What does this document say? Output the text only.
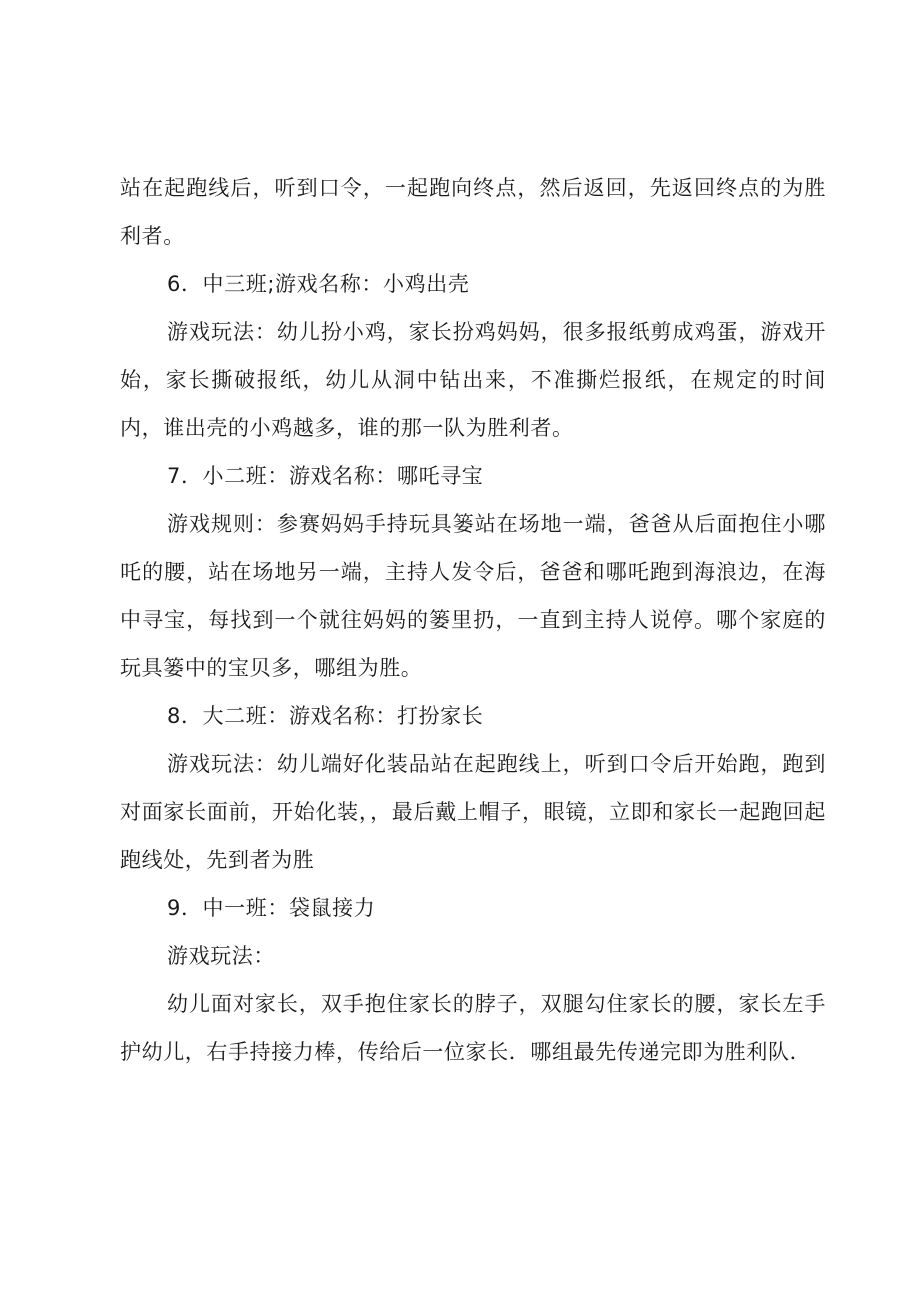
站在起跑线后，听到口令，一起跑向终点，然后返回，先返回终点的为胜利者。

6．中三班;游戏名称：小鸡出壳

游戏玩法：幼儿扮小鸡，家长扮鸡妈妈，很多报纸剪成鸡蛋，游戏开始，家长撕破报纸，幼儿从洞中钻出来，不准撕烂报纸，在规定的时间内，谁出壳的小鸡越多，谁的那一队为胜利者。

7．小二班：游戏名称：哪吒寻宝

游戏规则：参赛妈妈手持玩具篓站在场地一端，爸爸从后面抱住小哪吒的腰，站在场地另一端，主持人发令后，爸爸和哪吒跑到海浪边，在海中寻宝，每找到一个就往妈妈的篓里扔，一直到主持人说停。哪个家庭的玩具篓中的宝贝多，哪组为胜。

8．大二班：游戏名称：打扮家长

游戏玩法：幼儿端好化装品站在起跑线上，听到口令后开始跑，跑到对面家长面前，开始化装，，最后戴上帽子，眼镜，立即和家长一起跑回起跑线处，先到者为胜

9．中一班：袋鼠接力

游戏玩法：

幼儿面对家长，双手抱住家长的脖子，双腿勾住家长的腰，家长左手护幼儿，右手持接力棒，传给后一位家长．哪组最先传递完即为胜利队．
